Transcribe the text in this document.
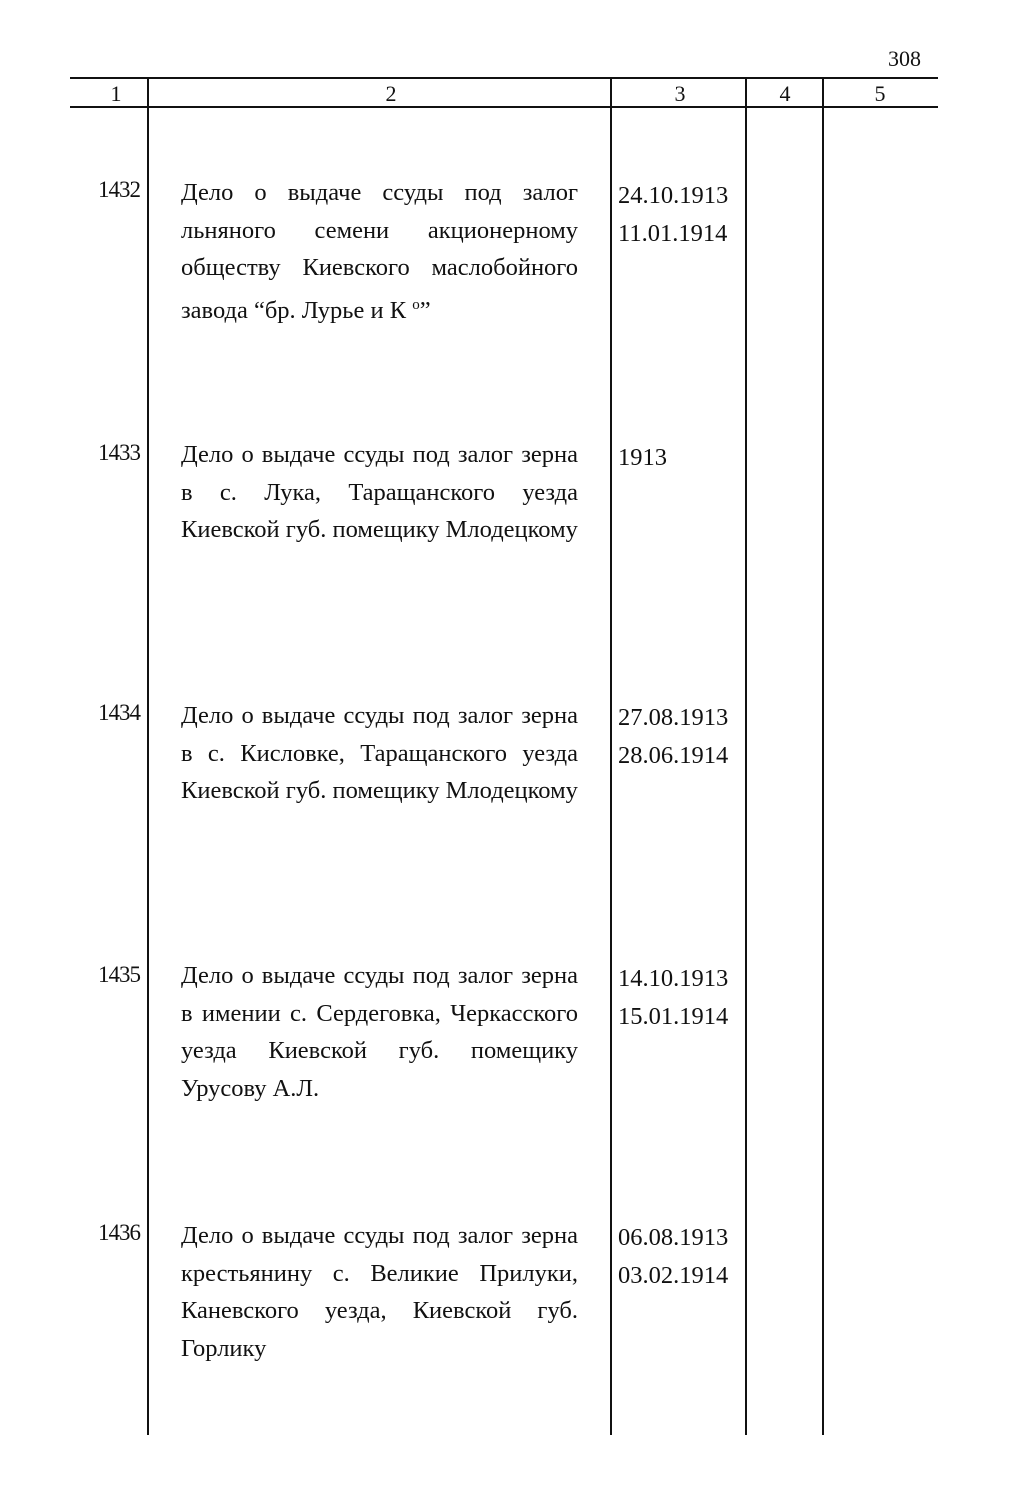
308
1	2	3	4	5
1432 Дело о выдаче ссуды под залог льняного семени акционерному обществу Киевского маслобойного завода “бр. Лурье и К $^о$”
24.10.1913
11.01.1914
1433 Дело о выдаче ссуды под залог зерна в с. Лука, Таращанского уезда Киевской губ. помещику Млодецкому
1913
1434 Дело о выдаче ссуды под залог зерна в с. Кисловке, Таращанского уезда Киевской губ. помещику Млодецкому
27.08.1913
28.06.1914
1435 Дело о выдаче ссуды под залог зерна в имении с. Сердеговка, Черкасского уезда Киевской губ. помещику Урусову А.Л.
14.10.1913
15.01.1914
1436 Дело о выдаче ссуды под залог зерна крестьянину с. Великие Прилуки, Каневского уезда, Киевской губ. Горлику
06.08.1913
03.02.1914
